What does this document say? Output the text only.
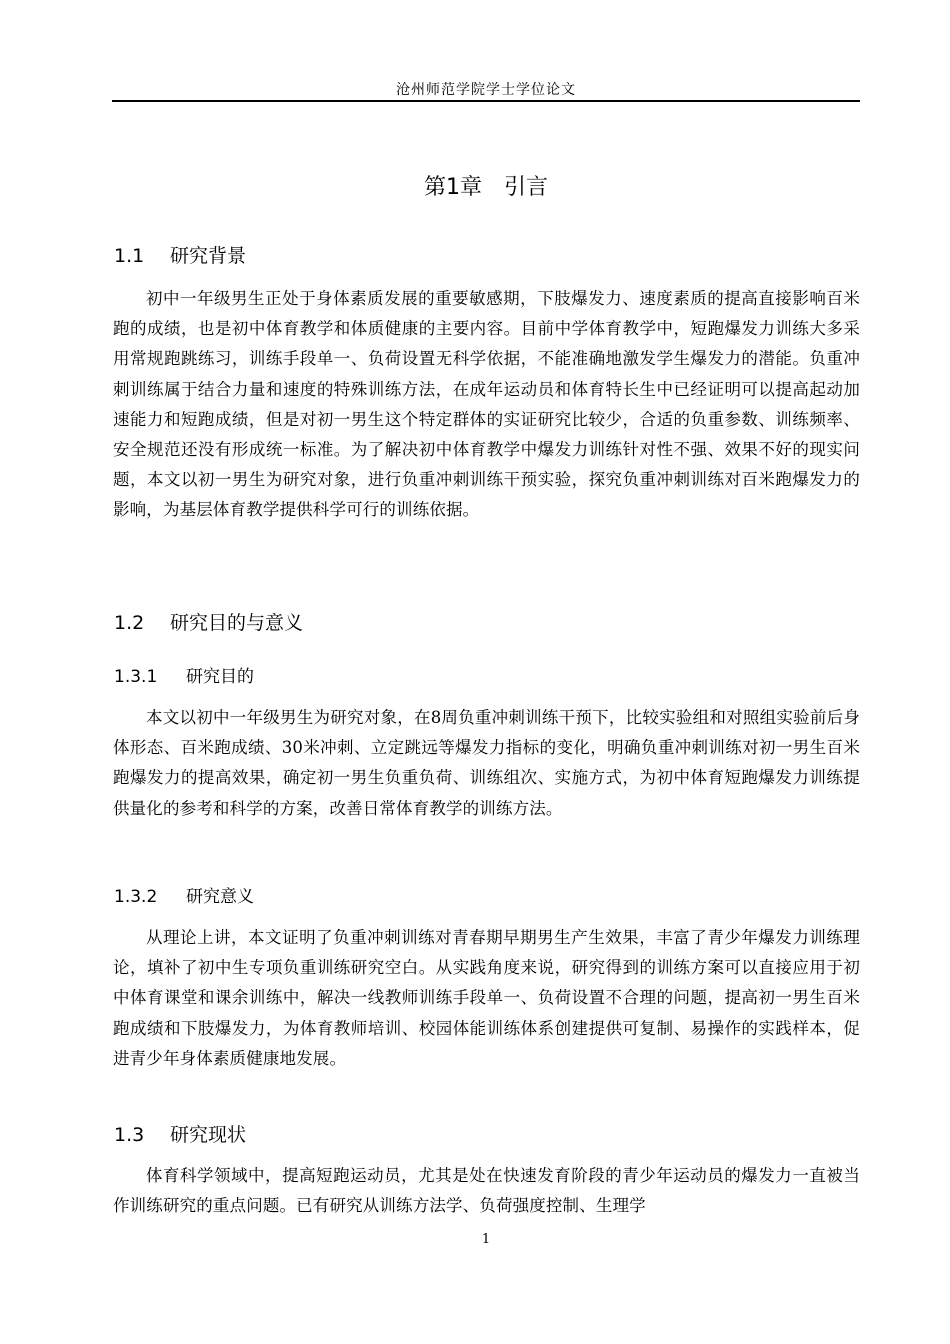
沧州师范学院学士学位论文
第1章　引言
1.1 研究背景

初中一年级男生正处于身体素质发展的重要敏感期，下肢爆发力、速度素质的提高直接影响百米跑的成绩，也是初中体育教学和体质健康的主要内容。目前中学体育教学中，短跑爆发力训练大多采用常规跑跳练习，训练手段单一、负荷设置无科学依据，不能准确地激发学生爆发力的潜能。负重冲刺训练属于结合力量和速度的特殊训练方法，在成年运动员和体育特长生中已经证明可以提高起动加速能力和短跑成绩，但是对初一男生这个特定群体的实证研究比较少，合适的负重参数、训练频率、安全规范还没有形成统一标准。为了解决初中体育教学中爆发力训练针对性不强、效果不好的现实问题，本文以初一男生为研究对象，进行负重冲刺训练干预实验，探究负重冲刺训练对百米跑爆发力的影响，为基层体育教学提供科学可行的训练依据。

1.2 研究目的与意义
1.3.1 研究目的

本文以初中一年级男生为研究对象，在8周负重冲刺训练干预下，比较实验组和对照组实验前后身体形态、百米跑成绩、30米冲刺、立定跳远等爆发力指标的变化，明确负重冲刺训练对初一男生百米跑爆发力的提高效果，确定初一男生负重负荷、训练组次、实施方式，为初中体育短跑爆发力训练提供量化的参考和科学的方案，改善日常体育教学的训练方法。

1.3.2 研究意义

从理论上讲，本文证明了负重冲刺训练对青春期早期男生产生效果，丰富了青少年爆发力训练理论，填补了初中生专项负重训练研究空白。从实践角度来说，研究得到的训练方案可以直接应用于初中体育课堂和课余训练中，解决一线教师训练手段单一、负荷设置不合理的问题，提高初一男生百米跑成绩和下肢爆发力，为体育教师培训、校园体能训练体系创建提供可复制、易操作的实践样本，促进青少年身体素质健康地发展。

1.3 研究现状

体育科学领域中，提高短跑运动员，尤其是处在快速发育阶段的青少年运动员的爆发力一直被当作训练研究的重点问题。已有研究从训练方法学、负荷强度控制、生理学

1
